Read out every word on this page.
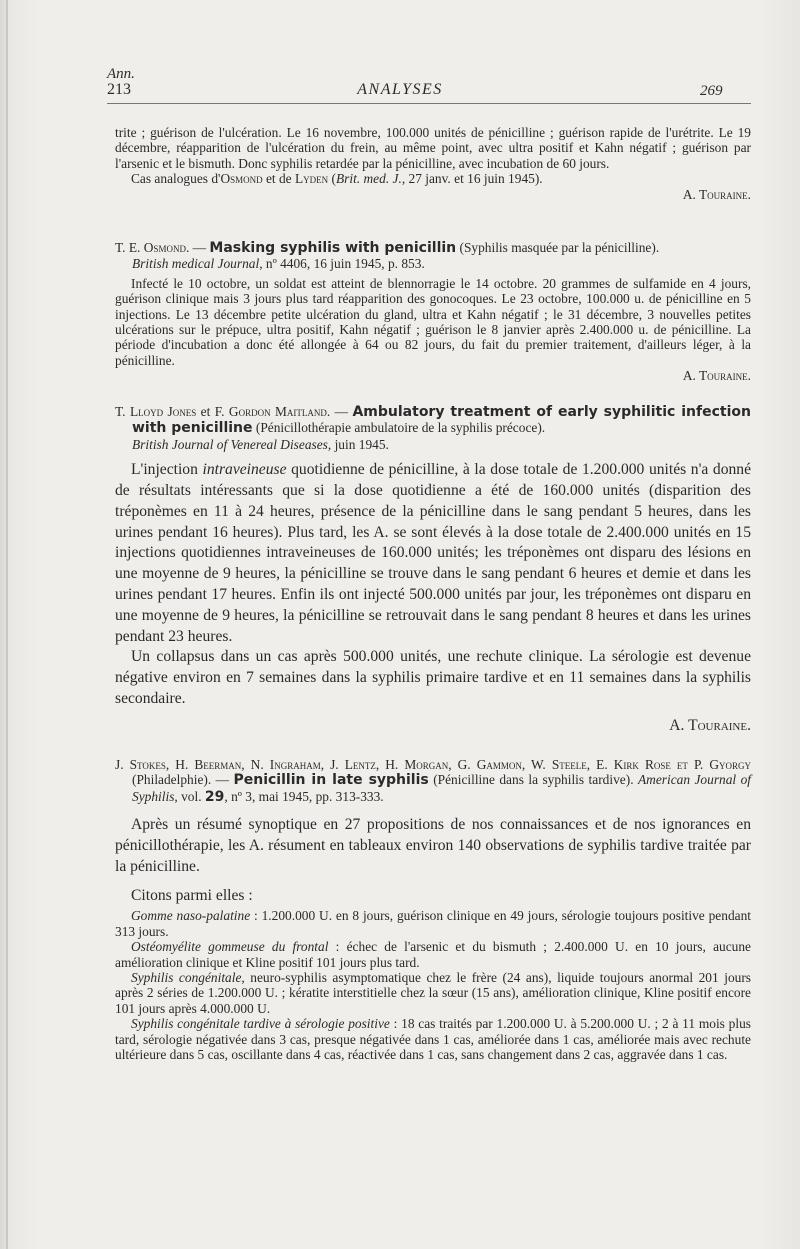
Ann.
213	ANALYSES	269

trite ; guérison de l'ulcération. Le 16 novembre, 100.000 unités de pénicilline ; guérison rapide de l'urétrite. Le 19 décembre, réapparition de l'ulcération du frein, au même point, avec ultra positif et Kahn négatif ; guérison par l'arsenic et le bismuth. Donc syphilis retardée par la pénicilline, avec incubation de 60 jours.

Cas analogues d'Osmond et de Lyden (Brit. med. J., 27 janv. et 16 juin 1945).

A. Touraine.

T. E. Osmond. — Masking syphilis with penicillin (Syphilis masquée par la pénicilline).
British medical Journal, nº 4406, 16 juin 1945, p. 853.

Infecté le 10 octobre, un soldat est atteint de blennorragie le 14 octobre. 20 grammes de sulfamide en 4 jours, guérison clinique mais 3 jours plus tard réapparition des gonocoques. Le 23 octobre, 100.000 u. de pénicilline en 5 injections. Le 13 décembre petite ulcération du gland, ultra et Kahn négatif ; le 31 décembre, 3 nouvelles petites ulcérations sur le prépuce, ultra positif, Kahn négatif ; guérison le 8 janvier après 2.400.000 u. de pénicilline. La période d'incubation a donc été allongée à 64 ou 82 jours, du fait du premier traitement, d'ailleurs léger, à la pénicilline.

A. Touraine.

T. Lloyd Jones et F. Gordon Maitland. — Ambulatory treatment of early syphilitic infection with penicilline (Pénicillothérapie ambulatoire de la syphilis précoce).
British Journal of Venereal Diseases, juin 1945.

L'injection intraveineuse quotidienne de pénicilline, à la dose totale de 1.200.000 unités n'a donné de résultats intéressants que si la dose quotidienne a été de 160.000 unités (disparition des tréponèmes en 11 à 24 heures, présence de la pénicilline dans le sang pendant 5 heures, dans les urines pendant 16 heures). Plus tard, les A. se sont élevés à la dose totale de 2.400.000 unités en 15 injections quotidiennes intraveineuses de 160.000 unités; les tréponèmes ont disparu des lésions en une moyenne de 9 heures, la pénicilline se trouve dans le sang pendant 6 heures et demie et dans les urines pendant 17 heures. Enfin ils ont injecté 500.000 unités par jour, les tréponèmes ont disparu en une moyenne de 9 heures, la pénicilline se retrouvait dans le sang pendant 8 heures et dans les urines pendant 23 heures.

Un collapsus dans un cas après 500.000 unités, une rechute clinique. La sérologie est devenue négative environ en 7 semaines dans la syphilis primaire tardive et en 11 semaines dans la syphilis secondaire.

A. Touraine.

J. Stokes, H. Beerman, N. Ingraham, J. Lentz, H. Morgan, G. Gammon, W. Steele, E. Kirk Rose et P. Gyorgy (Philadelphie). — Penicillin in late syphilis (Pénicilline dans la syphilis tardive). American Journal of Syphilis, vol. 29, nº 3, mai 1945, pp. 313-333.

Après un résumé synoptique en 27 propositions de nos connaissances et de nos ignorances en pénicillothérapie, les A. résument en tableaux environ 140 observations de syphilis tardive traitée par la pénicilline.

Citons parmi elles :

Gomme naso-palatine : 1.200.000 U. en 8 jours, guérison clinique en 49 jours, sérologie toujours positive pendant 313 jours.

Ostéomyélite gommeuse du frontal : échec de l'arsenic et du bismuth ; 2.400.000 U. en 10 jours, aucune amélioration clinique et Kline positif 101 jours plus tard.

Syphilis congénitale, neuro-syphilis asymptomatique chez le frère (24 ans), liquide toujours anormal 201 jours après 2 séries de 1.200.000 U. ; kératite interstitielle chez la sœur (15 ans), amélioration clinique, Kline positif encore 101 jours après 4.000.000 U.

Syphilis congénitale tardive à sérologie positive : 18 cas traités par 1.200.000 U. à 5.200.000 U. ; 2 à 11 mois plus tard, sérologie négativée dans 3 cas, presque négativée dans 1 cas, améliorée dans 1 cas, améliorée mais avec rechute ultérieure dans 5 cas, oscillante dans 4 cas, réactivée dans 1 cas, sans changement dans 2 cas, aggravée dans 1 cas.
